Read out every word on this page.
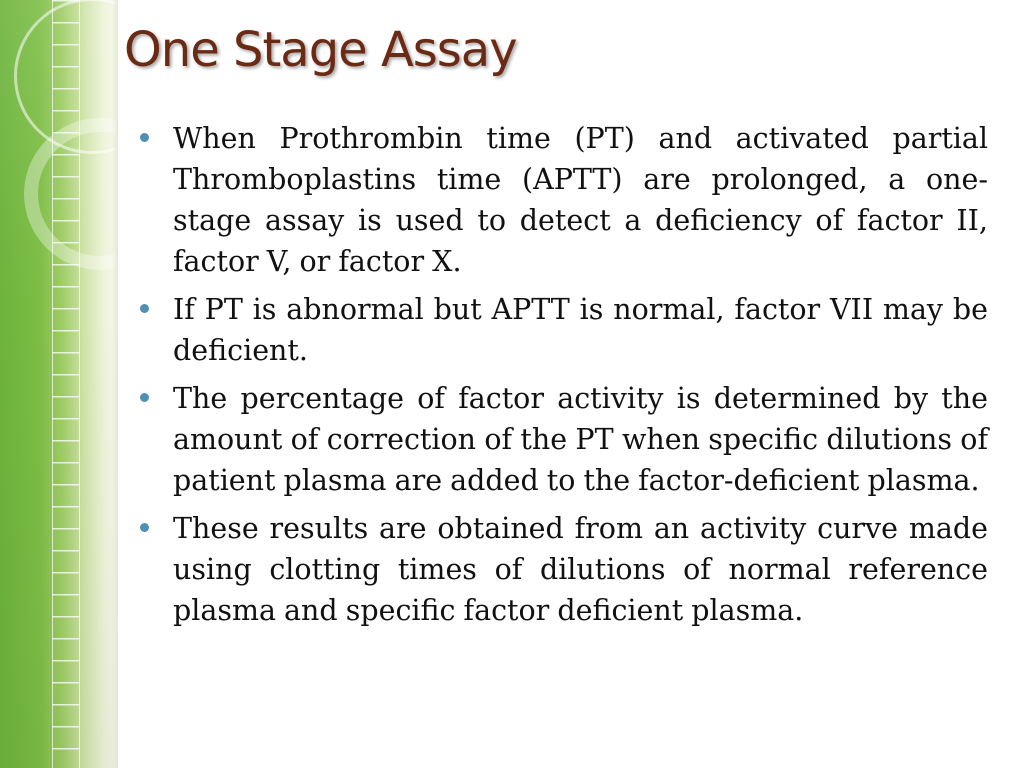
One Stage Assay
When Prothrombin time (PT) and activated partial Thromboplastins time (APTT) are prolonged, a one-stage assay is used to detect a deficiency of factor II, factor V, or factor X.
If PT is abnormal but APTT is normal, factor VII may be deficient.
The percentage of factor activity is determined by the amount of correction of the PT when specific dilutions of patient plasma are added to the factor-deficient plasma.
These results are obtained from an activity curve made using clotting times of dilutions of normal reference plasma and specific factor deficient plasma.
